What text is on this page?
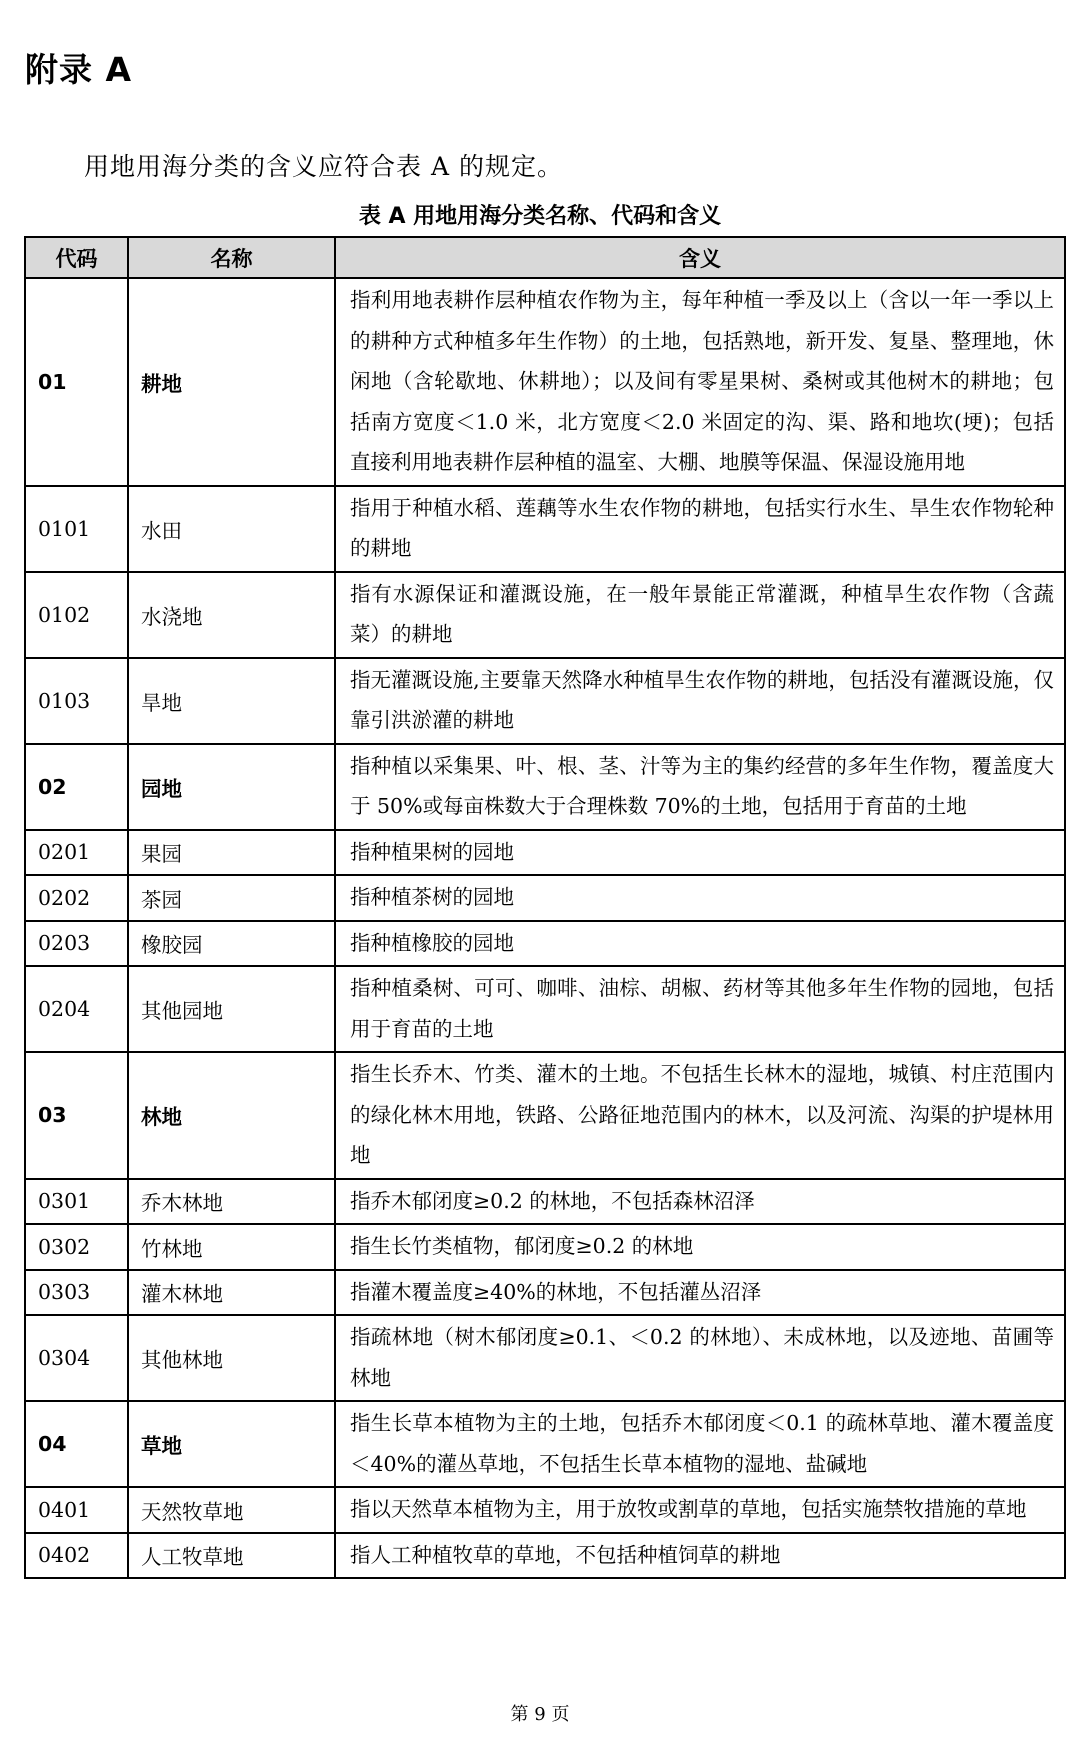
附录 A
用地用海分类的含义应符合表 A 的规定。
表 A 用地用海分类名称、代码和含义
代码	名称	含义
01	耕地	指利用地表耕作层种植农作物为主，每年种植一季及以上（含以一年一季以上的耕种方式种植多年生作物）的土地，包括熟地，新开发、复垦、整理地，休闲地（含轮歇地、休耕地）；以及间有零星果树、桑树或其他树木的耕地；包括南方宽度＜1.0 米，北方宽度＜2.0 米固定的沟、渠、路和地坎(埂)；包括直接利用地表耕作层种植的温室、大棚、地膜等保温、保湿设施用地
0101	水田	指用于种植水稻、莲藕等水生农作物的耕地，包括实行水生、旱生农作物轮种的耕地
0102	水浇地	指有水源保证和灌溉设施，在一般年景能正常灌溉，种植旱生农作物（含蔬菜）的耕地
0103	旱地	指无灌溉设施,主要靠天然降水种植旱生农作物的耕地，包括没有灌溉设施，仅靠引洪淤灌的耕地
02	园地	指种植以采集果、叶、根、茎、汁等为主的集约经营的多年生作物，覆盖度大于 50%或每亩株数大于合理株数 70%的土地，包括用于育苗的土地
0201	果园	指种植果树的园地
0202	茶园	指种植茶树的园地
0203	橡胶园	指种植橡胶的园地
0204	其他园地	指种植桑树、可可、咖啡、油棕、胡椒、药材等其他多年生作物的园地，包括用于育苗的土地
03	林地	指生长乔木、竹类、灌木的土地。不包括生长林木的湿地，城镇、村庄范围内的绿化林木用地，铁路、公路征地范围内的林木，以及河流、沟渠的护堤林用地
0301	乔木林地	指乔木郁闭度≥0.2 的林地，不包括森林沼泽
0302	竹林地	指生长竹类植物，郁闭度≥0.2 的林地
0303	灌木林地	指灌木覆盖度≥40%的林地，不包括灌丛沼泽
0304	其他林地	指疏林地（树木郁闭度≥0.1、＜0.2 的林地）、未成林地，以及迹地、苗圃等林地
04	草地	指生长草本植物为主的土地，包括乔木郁闭度＜0.1 的疏林草地、灌木覆盖度＜40%的灌丛草地，不包括生长草本植物的湿地、盐碱地
0401	天然牧草地	指以天然草本植物为主，用于放牧或割草的草地，包括实施禁牧措施的草地
0402	人工牧草地	指人工种植牧草的草地，不包括种植饲草的耕地
第 9 页
